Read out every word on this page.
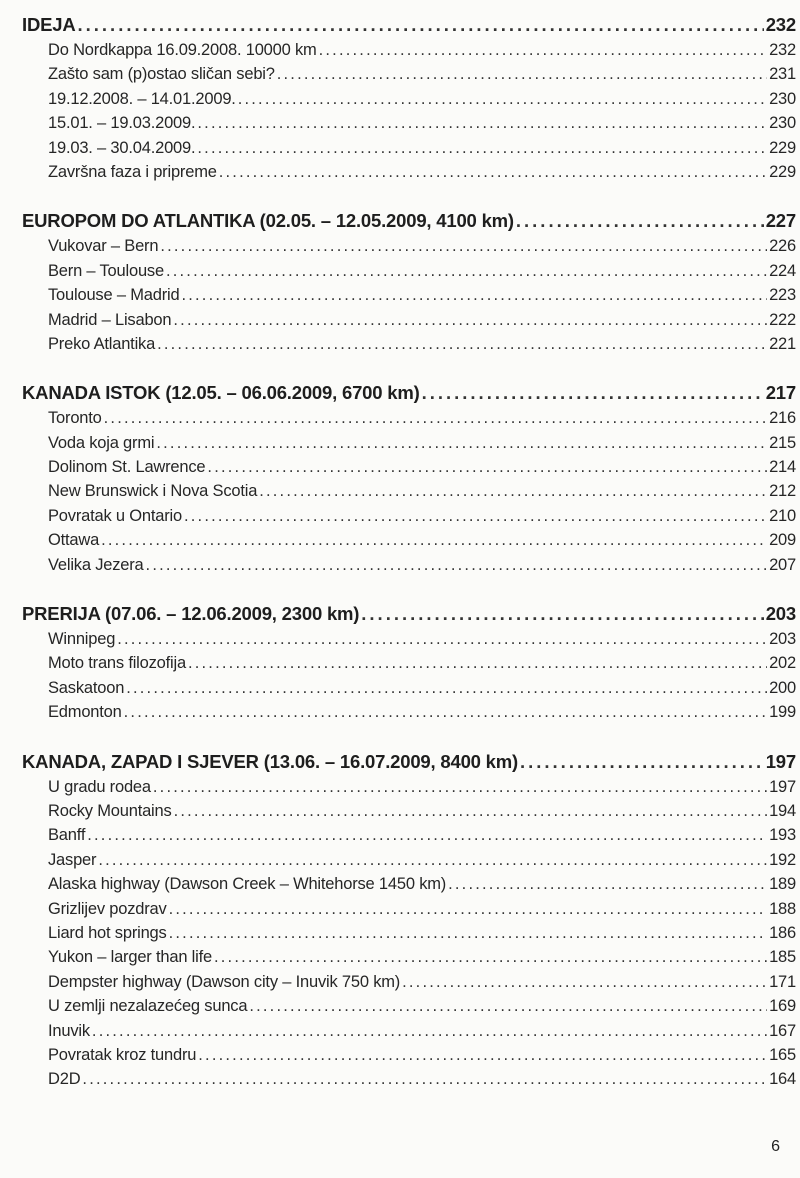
IDEJA .....	232
Do Nordkappa 16.09.2008. 10000 km .....	232
Zašto sam (p)ostao sličan sebi? .....	231
19.12.2008. – 14.01.2009. .....	230
15.01. – 19.03.2009. .....	230
19.03. – 30.04.2009. .....	229
Završna faza i pripreme .....	229
EUROPOM DO ATLANTIKA (02.05. – 12.05.2009, 4100 km) .....	227
Vukovar – Bern .....	226
Bern – Toulouse .....	224
Toulouse – Madrid .....	223
Madrid – Lisabon .....	222
Preko Atlantika .....	221
KANADA ISTOK (12.05. – 06.06.2009, 6700 km) .....	217
Toronto .....	216
Voda koja grmi .....	215
Dolinom St. Lawrence .....	214
New Brunswick i Nova Scotia .....	212
Povratak u Ontario .....	210
Ottawa .....	209
Velika Jezera .....	207
PRERIJA (07.06. – 12.06.2009, 2300 km) .....	203
Winnipeg .....	203
Moto trans filozofija .....	202
Saskatoon .....	200
Edmonton .....	199
KANADA, ZAPAD I SJEVER (13.06. – 16.07.2009, 8400 km) .....	197
U gradu rodea .....	197
Rocky Mountains .....	194
Banff .....	193
Jasper .....	192
Alaska highway (Dawson Creek – Whitehorse 1450 km) .....	189
Grizlijev pozdrav .....	188
Liard hot springs .....	186
Yukon – larger than life .....	185
Dempster highway (Dawson city – Inuvik 750 km) .....	171
U zemlji nezalazećeg sunca .....	169
Inuvik .....	167
Povratak kroz tundru .....	165
D2D .....	164
6
